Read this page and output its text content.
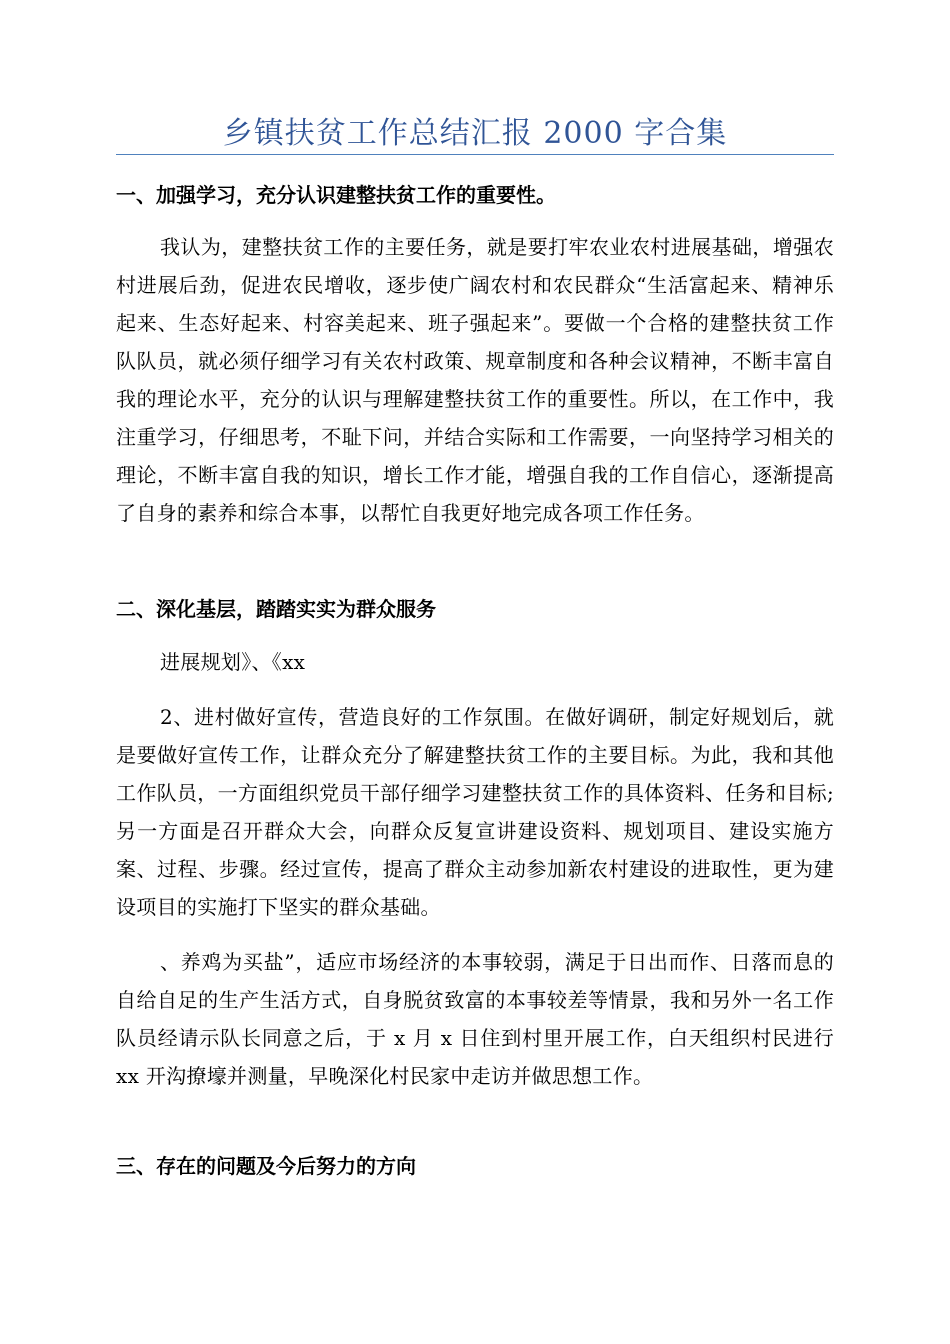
乡镇扶贫工作总结汇报 2000 字合集
一、加强学习，充分认识建整扶贫工作的重要性。
我认为，建整扶贫工作的主要任务，就是要打牢农业农村进展基础，增强农村进展后劲，促进农民增收，逐步使广阔农村和农民群众“生活富起来、精神乐起来、生态好起来、村容美起来、班子强起来”。要做一个合格的建整扶贫工作队队员，就必须仔细学习有关农村政策、规章制度和各种会议精神，不断丰富自我的理论水平，充分的认识与理解建整扶贫工作的重要性。所以，在工作中，我注重学习，仔细思考，不耻下问，并结合实际和工作需要，一向坚持学习相关的理论，不断丰富自我的知识，增长工作才能，增强自我的工作自信心，逐渐提高了自身的素养和综合本事，以帮忙自我更好地完成各项工作任务。
二、深化基层，踏踏实实为群众服务
进展规划》、《xx
2、进村做好宣传，营造良好的工作氛围。在做好调研，制定好规划后，就是要做好宣传工作，让群众充分了解建整扶贫工作的主要目标。为此，我和其他工作队员，一方面组织党员干部仔细学习建整扶贫工作的具体资料、任务和目标;另一方面是召开群众大会，向群众反复宣讲建设资料、规划项目、建设实施方案、过程、步骤。经过宣传，提高了群众主动参加新农村建设的进取性，更为建设项目的实施打下坚实的群众基础。
、养鸡为买盐”，适应市场经济的本事较弱，满足于日出而作、日落而息的自给自足的生产生活方式，自身脱贫致富的本事较差等情景，我和另外一名工作队员经请示队长同意之后，于 x 月 x 日住到村里开展工作，白天组织村民进行 xx 开沟撩壕并测量，早晚深化村民家中走访并做思想工作。
三、存在的问题及今后努力的方向
